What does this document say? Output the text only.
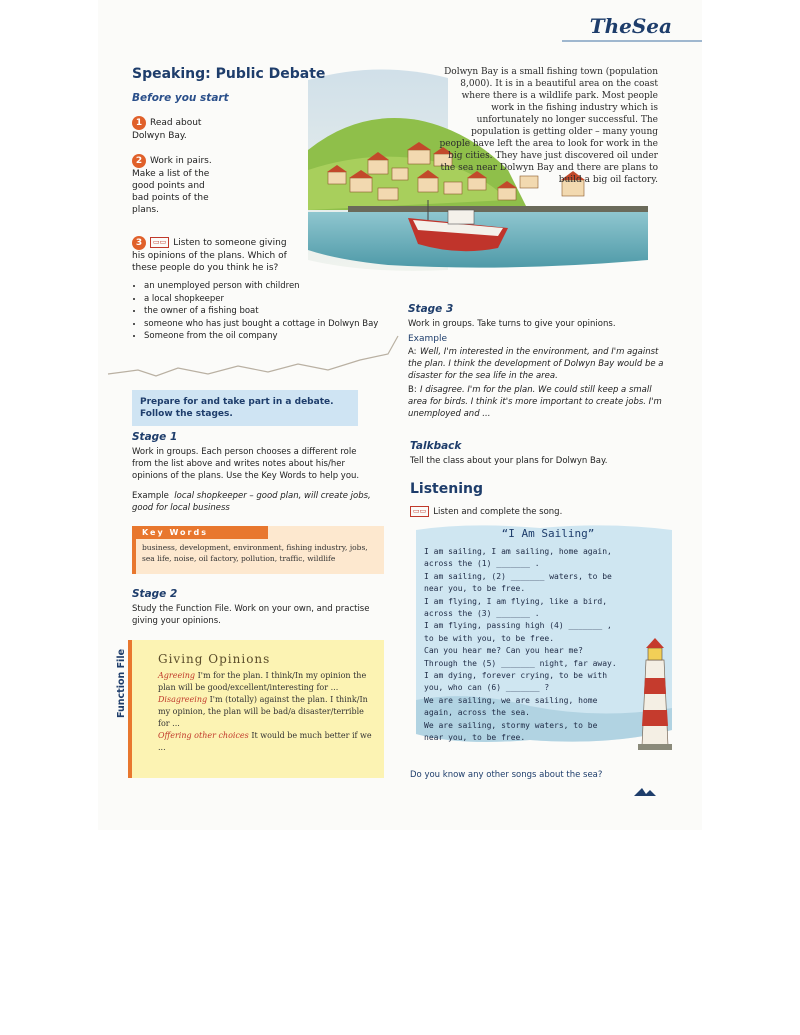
TheSea
Speaking: Public Debate
Before you start
1 Read about Dolwyn Bay.
2 Work in pairs. Make a list of the good points and bad points of the plans.
3 ▭▭ Listen to someone giving his opinions of the plans. Which of these people do you think he is?
Dolwyn Bay is a small fishing town (population 8,000). It is in a beautiful area on the coast where there is a wildlife park. Most people work in the fishing industry which is unfortunately no longer successful. The population is getting older – many young people have left the area to look for work in the big cities. They have just discovered oil under the sea near Dolwyn Bay and there are plans to build a big oil factory.
• an unemployed person with children
• a local shopkeeper
• the owner of a fishing boat
• someone who has just bought a cottage in Dolwyn Bay
• Someone from the oil company
Stage 3
Work in groups. Take turns to give your opinions.
Example
A: Well, I'm interested in the environment, and I'm against the plan. I think the development of Dolwyn Bay would be a disaster for the sea life in the area.
B: I disagree. I'm for the plan. We could still keep a small area for birds. I think it's more important to create jobs. I'm unemployed and ...
Prepare for and take part in a debate. Follow the stages.
Stage 1
Work in groups. Each person chooses a different role from the list above and writes notes about his/her opinions of the plans. Use the Key Words to help you.
Example local shopkeeper – good plan, will create jobs, good for local business
Key Words
business, development, environment, fishing industry, jobs, sea life, noise, oil factory, pollution, traffic, wildlife
Stage 2
Study the Function File. Work on your own, and practise giving your opinions.
Function File	Giving Opinions
Agreeing I'm for the plan. I think/In my opinion the plan will be good/excellent/interesting for ...
Disagreeing I'm (totally) against the plan. I think/In my opinion, the plan will be bad/a disaster/terrible for ...
Offering other choices It would be much better if we ...
Talkback
Tell the class about your plans for Dolwyn Bay.
Listening
▭▭ Listen and complete the song.
“I Am Sailing”
I am sailing, I am sailing, home again,
across the (1) _______ .
I am sailing, (2) _______ waters, to be
near you, to be free.
I am flying, I am flying, like a bird,
across the (3) _______ .
I am flying, passing high (4) _______ ,
to be with you, to be free.
Can you hear me? Can you hear me?
Through the (5) _______ night, far away.
I am dying, forever crying, to be with
you, who can (6) _______ ?
We are sailing, we are sailing, home
again, across the sea.
We are sailing, stormy waters, to be
near you, to be free.
Do you know any other songs about the sea?
